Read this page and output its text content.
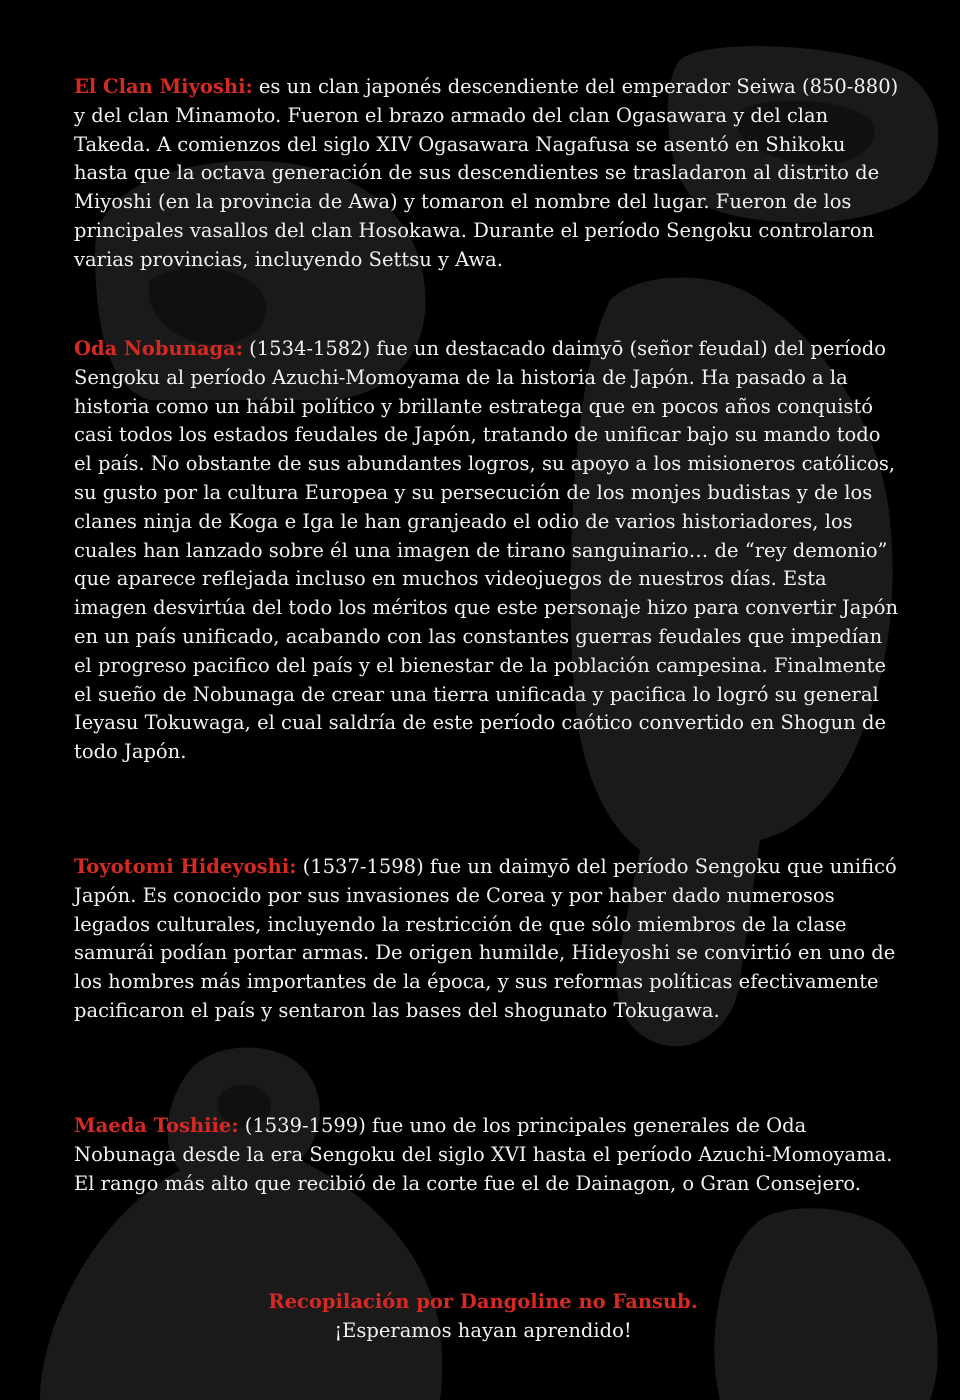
El Clan Miyoshi: es un clan japonés descendiente del emperador Seiwa (850-880) y del clan Minamoto. Fueron el brazo armado del clan Ogasawara y del clan Takeda. A comienzos del siglo XIV Ogasawara Nagafusa se asentó en Shikoku hasta que la octava generación de sus descendientes se trasladaron al distrito de Miyoshi (en la provincia de Awa) y tomaron el nombre del lugar. Fueron de los principales vasallos del clan Hosokawa. Durante el período Sengoku controlaron varias provincias, incluyendo Settsu y Awa.

Oda Nobunaga: (1534-1582) fue un destacado daimyō (señor feudal) del período Sengoku al período Azuchi-Momoyama de la historia de Japón. Ha pasado a la historia como un hábil político y brillante estratega que en pocos años conquistó casi todos los estados feudales de Japón, tratando de unificar bajo su mando todo el país. No obstante de sus abundantes logros, su apoyo a los misioneros católicos, su gusto por la cultura Europea y su persecución de los monjes budistas y de los clanes ninja de Koga e Iga le han granjeado el odio de varios historiadores, los cuales han lanzado sobre él una imagen de tirano sanguinario… de “rey demonio” que aparece reflejada incluso en muchos videojuegos de nuestros días. Esta imagen desvirtúa del todo los méritos que este personaje hizo para convertir Japón en un país unificado, acabando con las constantes guerras feudales que impedían el progreso pacifico del país y el bienestar de la población campesina. Finalmente el sueño de Nobunaga de crear una tierra unificada y pacifica lo logró su general Ieyasu Tokuwaga, el cual saldría de este período caótico convertido en Shogun de todo Japón.

Toyotomi Hideyoshi: (1537-1598) fue un daimyō del período Sengoku que unificó Japón. Es conocido por sus invasiones de Corea y por haber dado numerosos legados culturales, incluyendo la restricción de que sólo miembros de la clase samurái podían portar armas. De origen humilde, Hideyoshi se convirtió en uno de los hombres más importantes de la época, y sus reformas políticas efectivamente pacificaron el país y sentaron las bases del shogunato Tokugawa.

Maeda Toshiie: (1539-1599) fue uno de los principales generales de Oda Nobunaga desde la era Sengoku del siglo XVI hasta el período Azuchi-Momoyama. El rango más alto que recibió de la corte fue el de Dainagon, o Gran Consejero.

Recopilación por Dangoline no Fansub.
¡Esperamos hayan aprendido!
